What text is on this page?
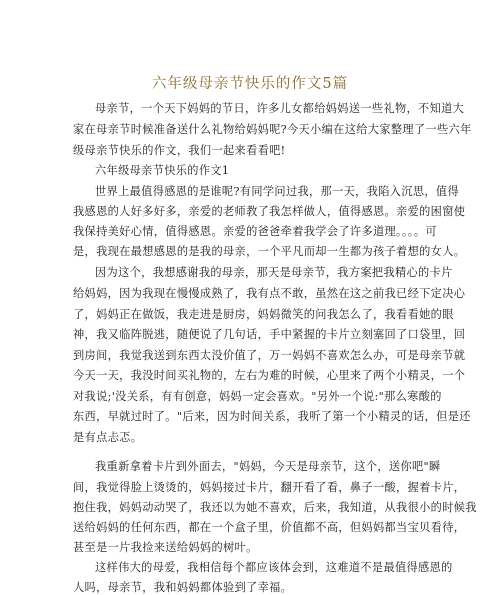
六年级母亲节快乐的作文5篇
母亲节，一个天下妈妈的节日，许多儿女都给妈妈送一些礼物，不知道大
家在母亲节时候准备送什么礼物给妈妈呢?今天小编在这给大家整理了一些六年
级母亲节快乐的作文，我们一起来看看吧!
六年级母亲节快乐的作文1
世界上最值得感恩的是谁呢?有同学问过我，那一天，我陷入沉思，值得
我感恩的人好多好多，亲爱的老师教了我怎样做人，值得感恩。亲爱的困窗使
我保持美好心情，值得感恩。亲爱的爸爸牵着我学会了许多道理。。。。可
是，我现在最想感恩的是我的母亲，一个平凡而却一生都为孩子着想的女人。
因为这个，我想感谢我的母亲，那天是母亲节，我方案把我精心的卡片
给妈妈，因为我现在慢慢成熟了，我有点不敢，虽然在这之前我已经下定决心
了，妈妈正在做饭，我走进是厨房，妈妈微笑的问我怎么了，我看看她的眼
神，我又临阵脱逃，随便说了几句话，手中紧握的卡片立刻塞回了口袋里，回
到房间，我觉我送到东西太没价值了，万一妈妈不喜欢怎么办，可是母亲节就
今天一天，我没时间买礼物的，左右为难的时候，心里来了两个小精灵，一个
对我说;'没关系，有有创意，妈妈一定会喜欢。"另外一个说:"那么寒酸的
东西，早就过时了。"后来，因为时间关系，我听了第一个小精灵的话，但是还
是有点忐忑。
我重新拿着卡片到外面去，"妈妈，今天是母亲节，这个，送你吧"瞬
间，我觉得脸上烫烫的，妈妈接过卡片，翻开看了看，鼻子一酸，握着卡片，
抱住我，妈妈动动哭了，我还以为她不喜欢，后来，我知道，从我很小的时候我
送给妈妈的任何东西，都在一个盒子里，价值都不高，但妈妈都当宝贝看待，
甚至是一片我捡来送给妈妈的树叶。
这样伟大的母爱，我相信每个都应该体会到，这难道不是最值得感恩的
人吗，母亲节，我和妈妈都体验到了幸福。
